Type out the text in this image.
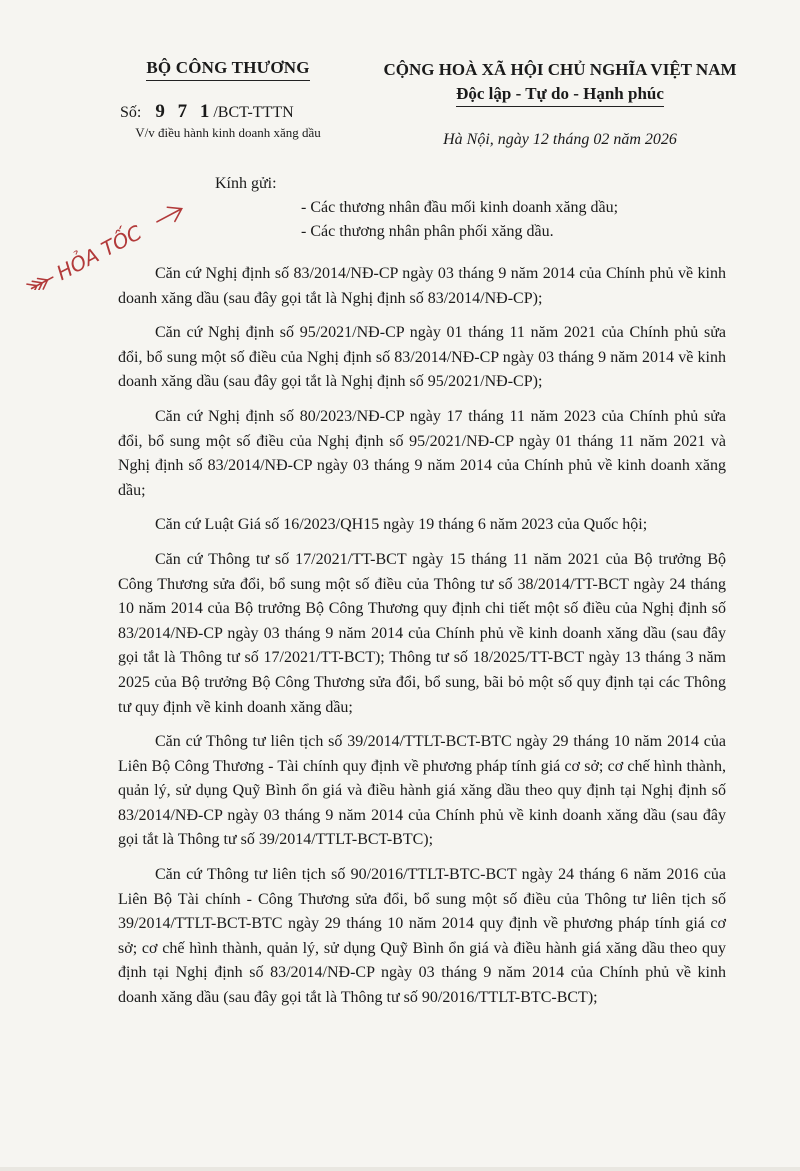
BỘ CÔNG THƯƠNG
Số: 9 7 1/BCT-TTTN
V/v điều hành kinh doanh xăng dầu
CỘNG HOÀ XÃ HỘI CHỦ NGHĨA VIỆT NAM
Độc lập - Tự do - Hạnh phúc
Hà Nội, ngày 12 tháng 02 năm 2026
HỎA TỐC
Kính gửi:
- Các thương nhân đầu mối kinh doanh xăng dầu;
- Các thương nhân phân phối xăng dầu.

Căn cứ Nghị định số 83/2014/NĐ-CP ngày 03 tháng 9 năm 2014 của Chính phủ về kinh doanh xăng dầu (sau đây gọi tắt là Nghị định số 83/2014/NĐ-CP);

Căn cứ Nghị định số 95/2021/NĐ-CP ngày 01 tháng 11 năm 2021 của Chính phủ sửa đổi, bổ sung một số điều của Nghị định số 83/2014/NĐ-CP ngày 03 tháng 9 năm 2014 về kinh doanh xăng dầu (sau đây gọi tắt là Nghị định số 95/2021/NĐ-CP);

Căn cứ Nghị định số 80/2023/NĐ-CP ngày 17 tháng 11 năm 2023 của Chính phủ sửa đổi, bổ sung một số điều của Nghị định số 95/2021/NĐ-CP ngày 01 tháng 11 năm 2021 và Nghị định số 83/2014/NĐ-CP ngày 03 tháng 9 năm 2014 của Chính phủ về kinh doanh xăng dầu;

Căn cứ Luật Giá số 16/2023/QH15 ngày 19 tháng 6 năm 2023 của Quốc hội;

Căn cứ Thông tư số 17/2021/TT-BCT ngày 15 tháng 11 năm 2021 của Bộ trưởng Bộ Công Thương sửa đổi, bổ sung một số điều của Thông tư số 38/2014/TT-BCT ngày 24 tháng 10 năm 2014 của Bộ trưởng Bộ Công Thương quy định chi tiết một số điều của Nghị định số 83/2014/NĐ-CP ngày 03 tháng 9 năm 2014 của Chính phủ về kinh doanh xăng dầu (sau đây gọi tắt là Thông tư số 17/2021/TT-BCT); Thông tư số 18/2025/TT-BCT ngày 13 tháng 3 năm 2025 của Bộ trưởng Bộ Công Thương sửa đổi, bổ sung, bãi bỏ một số quy định tại các Thông tư quy định về kinh doanh xăng dầu;

Căn cứ Thông tư liên tịch số 39/2014/TTLT-BCT-BTC ngày 29 tháng 10 năm 2014 của Liên Bộ Công Thương - Tài chính quy định về phương pháp tính giá cơ sở; cơ chế hình thành, quản lý, sử dụng Quỹ Bình ổn giá và điều hành giá xăng dầu theo quy định tại Nghị định số 83/2014/NĐ-CP ngày 03 tháng 9 năm 2014 của Chính phủ về kinh doanh xăng dầu (sau đây gọi tắt là Thông tư số 39/2014/TTLT-BCT-BTC);

Căn cứ Thông tư liên tịch số 90/2016/TTLT-BTC-BCT ngày 24 tháng 6 năm 2016 của Liên Bộ Tài chính - Công Thương sửa đổi, bổ sung một số điều của Thông tư liên tịch số 39/2014/TTLT-BCT-BTC ngày 29 tháng 10 năm 2014 quy định về phương pháp tính giá cơ sở; cơ chế hình thành, quản lý, sử dụng Quỹ Bình ổn giá và điều hành giá xăng dầu theo quy định tại Nghị định số 83/2014/NĐ-CP ngày 03 tháng 9 năm 2014 của Chính phủ về kinh doanh xăng dầu (sau đây gọi tắt là Thông tư số 90/2016/TTLT-BTC-BCT);
